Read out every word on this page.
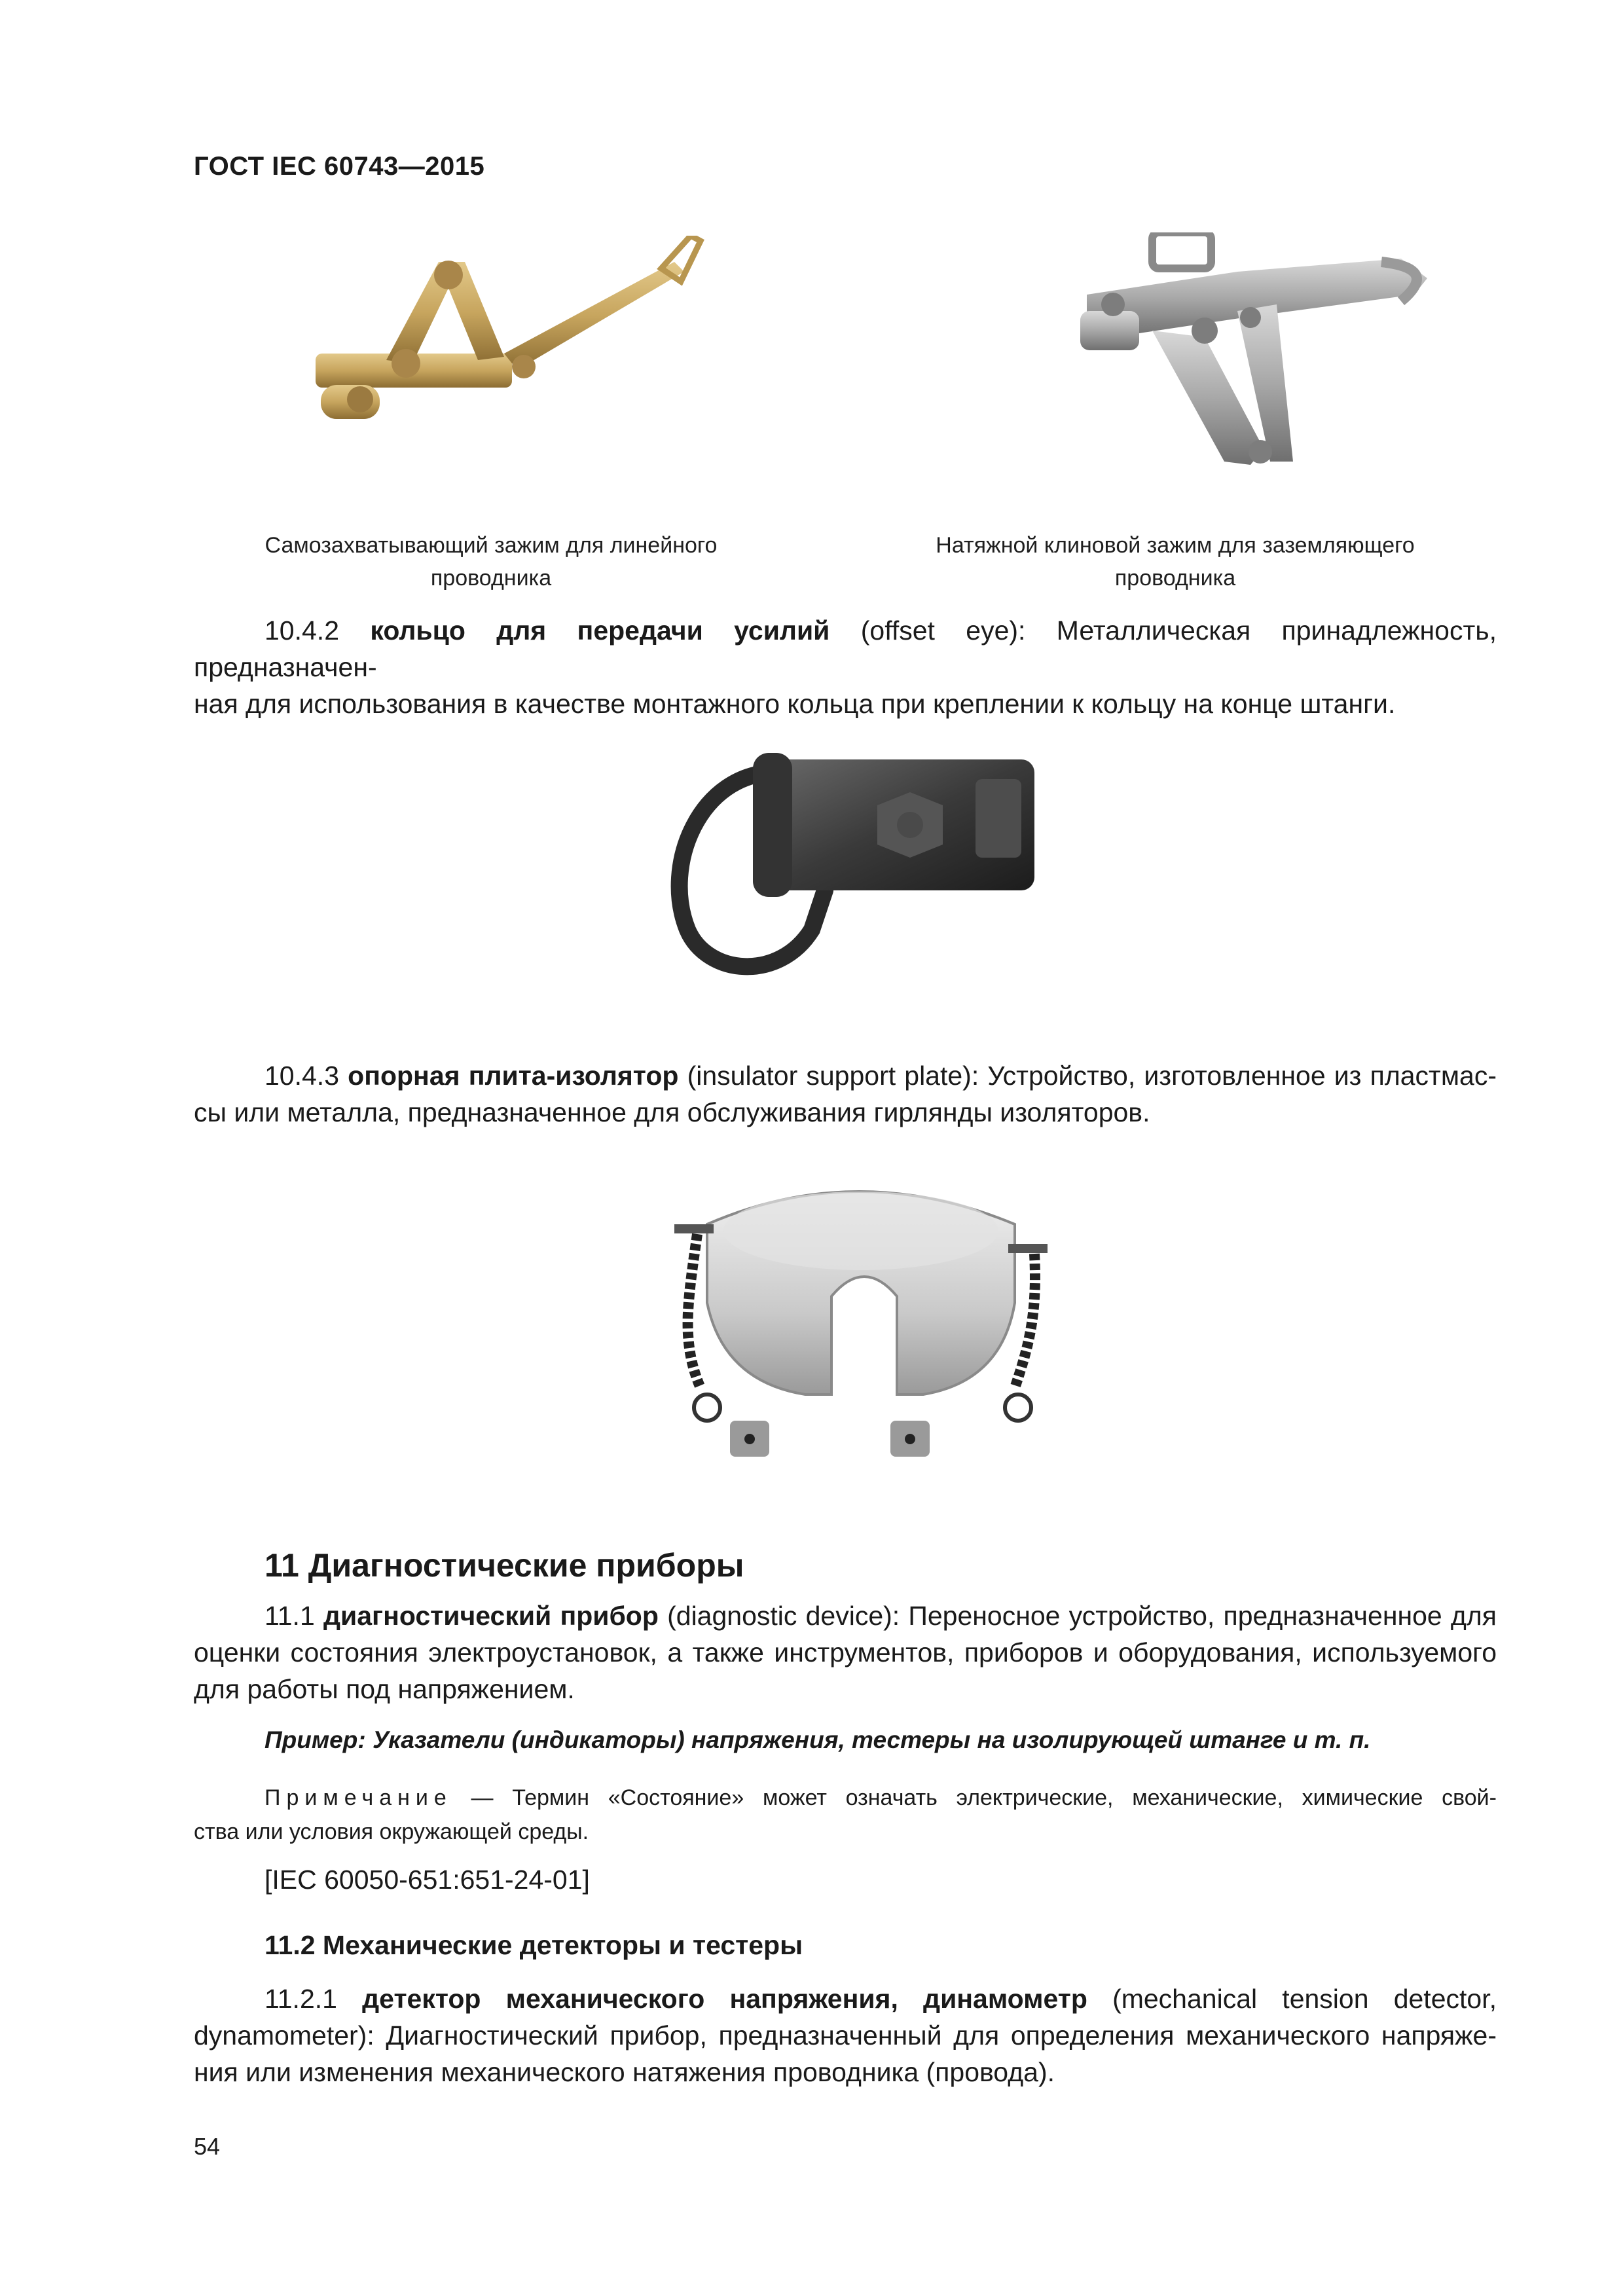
ГОСТ IEC 60743—2015
Самозахватывающий зажим для линейного
проводника
Натяжной клиновой зажим для заземляющего
проводника
10.4.2 кольцо для передачи усилий (offset eye): Металлическая принадлежность, предназначен-
ная для использования в качестве монтажного кольца при креплении к кольцу на конце штанги.
10.4.3 опорная плита-изолятор (insulator support plate): Устройство, изготовленное из пластмас-
сы или металла, предназначенное для обслуживания гирлянды изоляторов.
11 Диагностические приборы
11.1 диагностический прибор (diagnostic device): Переносное устройство, предназначенное для
оценки состояния электроустановок, а также инструментов, приборов и оборудования, используемого
для работы под напряжением.
Пример: Указатели (индикаторы) напряжения, тестеры на изолирующей штанге и т. п.
Примечание — Термин «Состояние» может означать электрические, механические, химические свой-
ства или условия окружающей среды.
[IEC 60050-651:651-24-01]
11.2 Механические детекторы и тестеры
11.2.1 детектор механического напряжения, динамометр (mechanical tension detector,
dynamometer): Диагностический прибор, предназначенный для определения механического напряже-
ния или изменения механического натяжения проводника (провода).
54
